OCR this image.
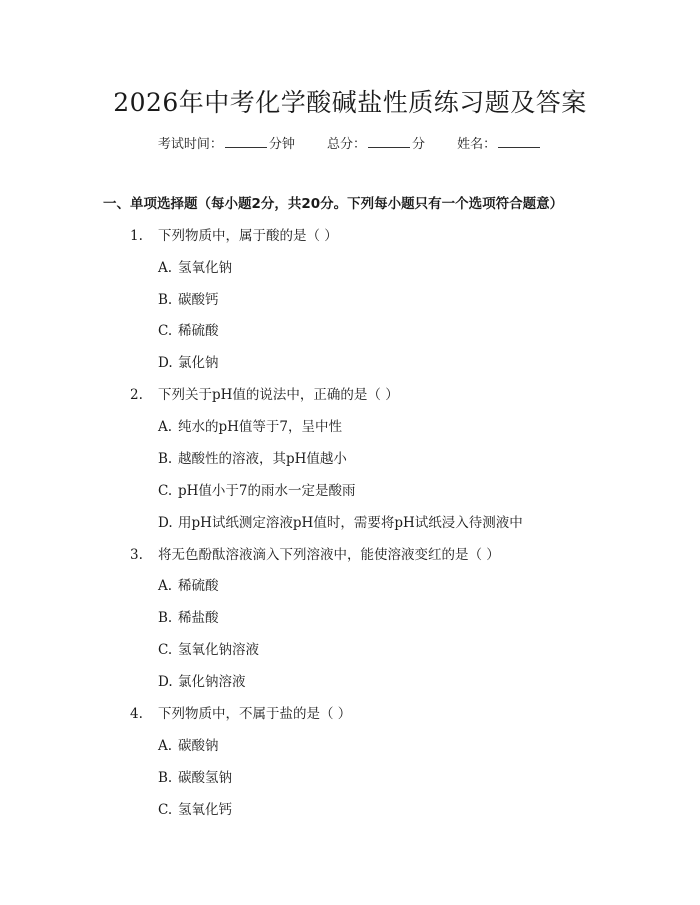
2026年中考化学酸碱盐性质练习题及答案
考试时间：	分钟 总分：	分 姓名：
一、单项选择题（每小题2分，共20分。下列每小题只有一个选项符合题意）
1. 下列物质中，属于酸的是（ ）
A. 氢氧化钠
B. 碳酸钙
C. 稀硫酸
D. 氯化钠
2. 下列关于pH值的说法中，正确的是（ ）
A. 纯水的pH值等于7，呈中性
B. 越酸性的溶液，其pH值越小
C. pH值小于7的雨水一定是酸雨
D. 用pH试纸测定溶液pH值时，需要将pH试纸浸入待测液中
3. 将无色酚酞溶液滴入下列溶液中，能使溶液变红的是（ ）
A. 稀硫酸
B. 稀盐酸
C. 氢氧化钠溶液
D. 氯化钠溶液
4. 下列物质中，不属于盐的是（ ）
A. 碳酸钠
B. 碳酸氢钠
C. 氢氧化钙
